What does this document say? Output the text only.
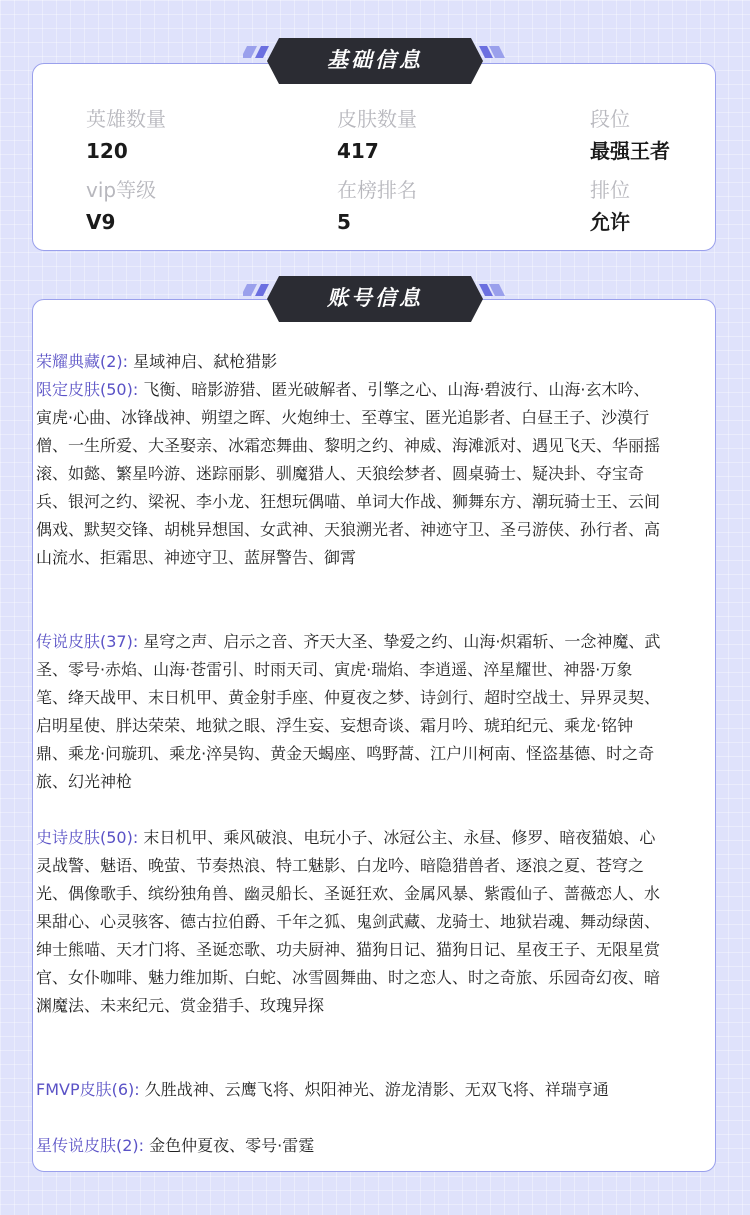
基础信息
英雄数量
120
皮肤数量
417
段位
最强王者
vip等级
V9
在榜排名
5
排位
允许
账号信息
荣耀典藏(2): 星域神启、弑枪猎影
限定皮肤(50): 飞衡、暗影游猎、匿光破解者、引擎之心、山海·碧波行、山海·玄木吟、寅虎·心曲、冰锋战神、朔望之晖、火炮绅士、至尊宝、匿光追影者、白昼王子、沙漠行僧、一生所爱、大圣娶亲、冰霜恋舞曲、黎明之约、神威、海滩派对、遇见飞天、华丽摇滚、如懿、繁星吟游、迷踪丽影、驯魔猎人、天狼绘梦者、圆桌骑士、疑决卦、夺宝奇兵、银河之约、梁祝、李小龙、狂想玩偶喵、单词大作战、狮舞东方、潮玩骑士王、云间偶戏、默契交锋、胡桃异想国、女武神、天狼溯光者、神迹守卫、圣弓游侠、孙行者、高山流水、拒霜思、神迹守卫、蓝屏警告、御霄
传说皮肤(37): 星穹之声、启示之音、齐天大圣、挚爱之约、山海·炽霜斩、一念神魔、武圣、零号·赤焰、山海·苍雷引、时雨天司、寅虎·瑞焰、李逍遥、淬星耀世、神器·万象笔、绛天战甲、末日机甲、黄金射手座、仲夏夜之梦、诗剑行、超时空战士、异界灵契、启明星使、胖达荣荣、地狱之眼、浮生妄、妄想奇谈、霜月吟、琥珀纪元、乘龙·铭钟鼎、乘龙·问璇玑、乘龙·淬昊钩、黄金天蝎座、鸣野蒿、江户川柯南、怪盗基德、时之奇旅、幻光神枪
史诗皮肤(50): 末日机甲、乘风破浪、电玩小子、冰冠公主、永昼、修罗、暗夜猫娘、心灵战警、魅语、晚萤、节奏热浪、特工魅影、白龙吟、暗隐猎兽者、逐浪之夏、苍穹之光、偶像歌手、缤纷独角兽、幽灵船长、圣诞狂欢、金属风暴、紫霞仙子、蔷薇恋人、水果甜心、心灵骇客、德古拉伯爵、千年之狐、鬼剑武藏、龙骑士、地狱岩魂、舞动绿茵、绅士熊喵、天才门将、圣诞恋歌、功夫厨神、猫狗日记、猫狗日记、星夜王子、无限星赏官、女仆咖啡、魅力维加斯、白蛇、冰雪圆舞曲、时之恋人、时之奇旅、乐园奇幻夜、暗渊魔法、未来纪元、赏金猎手、玫瑰异探
FMVP皮肤(6): 久胜战神、云鹰飞将、炽阳神光、游龙清影、无双飞将、祥瑞亨通
星传说皮肤(2): 金色仲夏夜、零号·雷霆
